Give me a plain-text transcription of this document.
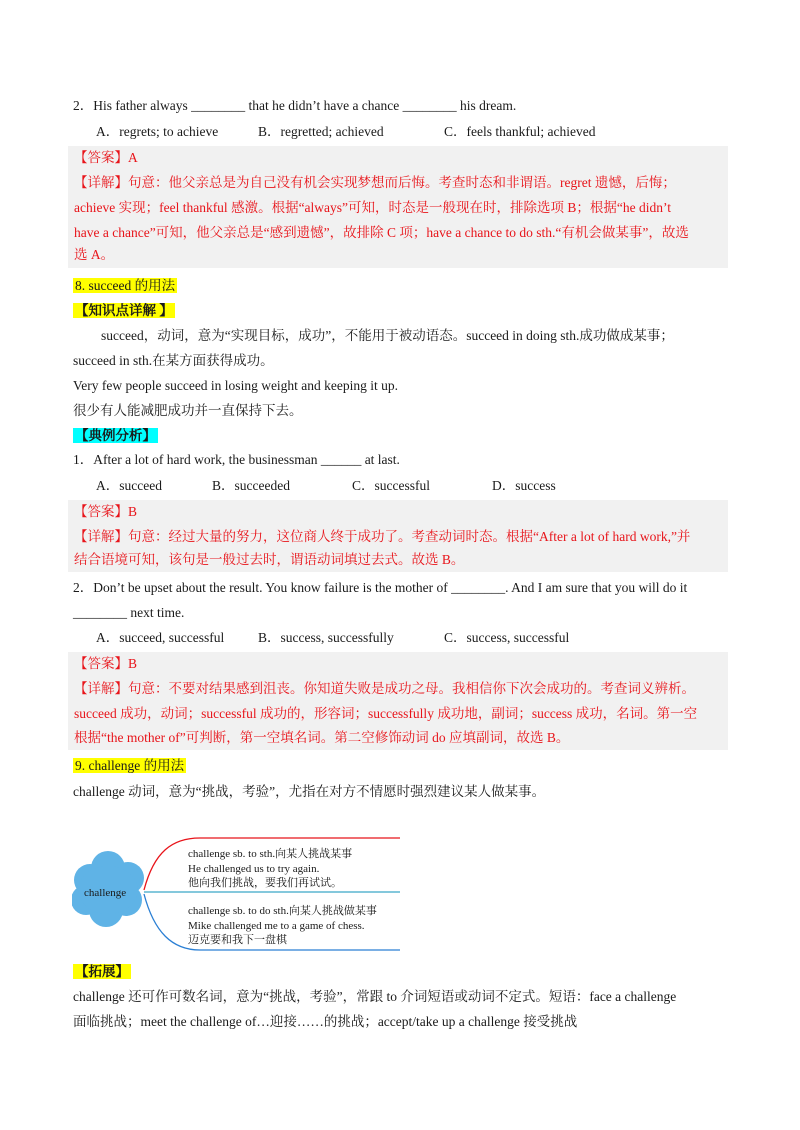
2．His father always ________ that he didn’t have a chance ________ his dream.
A．regrets; to achieve	B．regretted; achieved	C．feels thankful; achieved
【答案】A
【详解】句意：他父亲总是为自己没有机会实现梦想而后悔。考查时态和非谓语。regret 遗憾，后悔；
achieve 实现；feel thankful 感激。根据“always”可知，时态是一般现在时，排除选项 B；根据“he didn’t
have a chance”可知，他父亲总是“感到遗憾”，故排除 C 项；have a chance to do sth.“有机会做某事”，故选
选 A。
8. succeed 的用法
【知识点详解 】
succeed，动词，意为“实现目标，成功”，不能用于被动语态。succeed in doing sth.成功做成某事；
succeed in sth.在某方面获得成功。
Very few people succeed in losing weight and keeping it up.
很少有人能减肥成功并一直保持下去。
【典例分析】
1．After a lot of hard work, the businessman ______ at last.
A．succeed	B．succeeded	C．successful	D．success
【答案】B
【详解】句意：经过大量的努力，这位商人终于成功了。考查动词时态。根据“After a lot of hard work,”并
结合语境可知，该句是一般过去时，谓语动词填过去式。故选 B。
2．Don’t be upset about the result. You know failure is the mother of ________. And I am sure that you will do it
________ next time.
A．succeed, successful	B．success, successfully	C．success, successful
【答案】B
【详解】句意：不要对结果感到沮丧。你知道失败是成功之母。我相信你下次会成功的。考查词义辨析。
succeed 成功，动词；successful 成功的，形容词；successfully 成功地，副词；success 成功，名词。第一空
根据“the mother of”可判断，第一空填名词。第二空修饰动词 do 应填副词，故选 B。
9. challenge 的用法
challenge 动词，意为“挑战，考验”，尤指在对方不情愿时强烈建议某人做某事。
challenge
challenge sb. to sth.向某人挑战某事
He challenged us to try again.
他向我们挑战，要我们再试试。
challenge sb. to do sth.向某人挑战做某事
Mike challenged me to a game of chess.
迈克要和我下一盘棋
【拓展】
challenge 还可作可数名词，意为“挑战，考验”，常跟 to 介词短语或动词不定式。短语：face a challenge
面临挑战；meet the challenge of…迎接……的挑战；accept/take up a challenge 接受挑战
